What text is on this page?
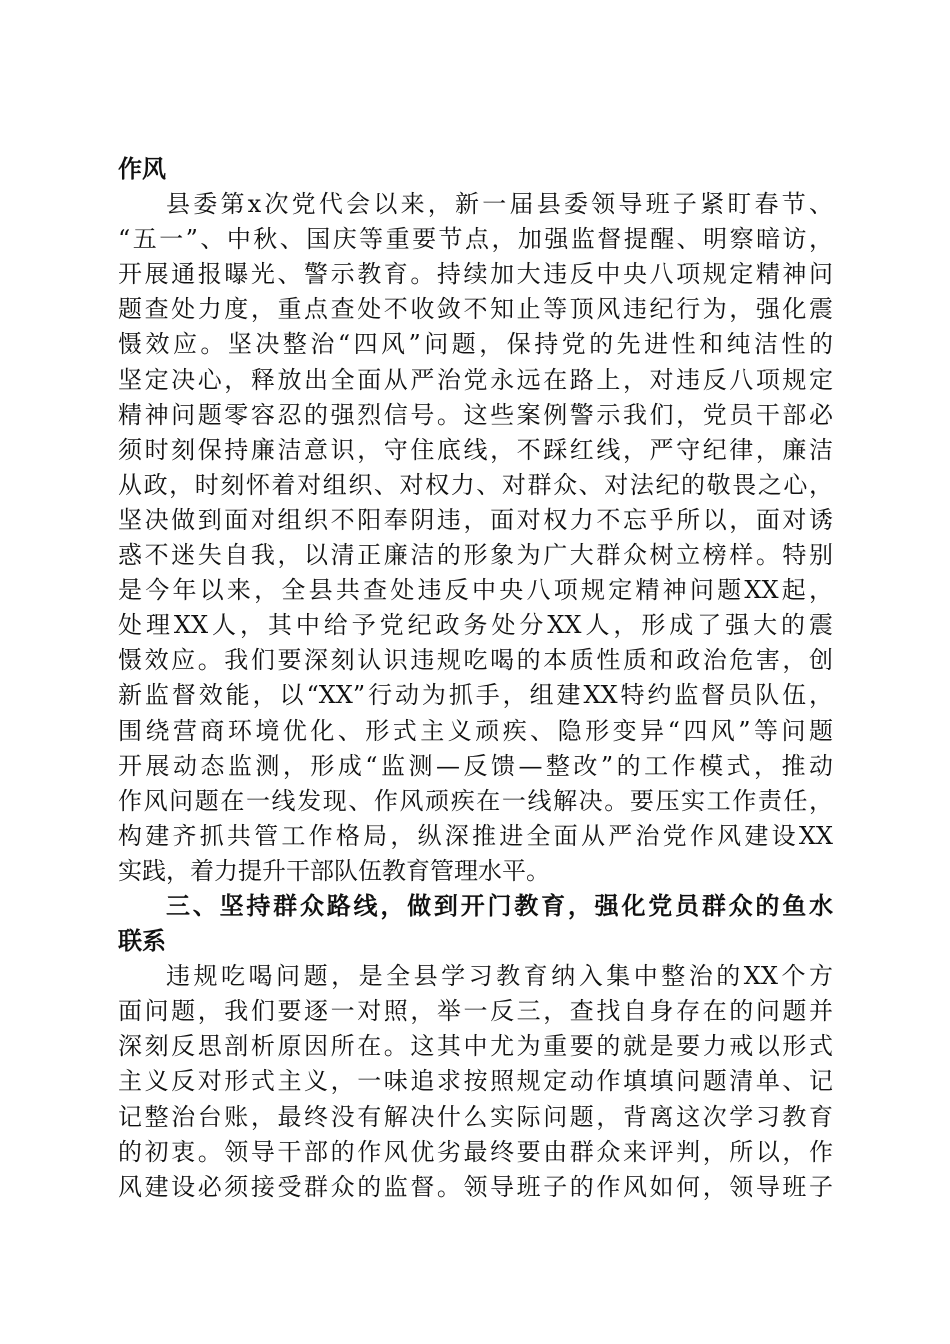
作风
县委第x次党代会以来，新一届县委领导班子紧盯春节、
“五一”、中秋、国庆等重要节点，加强监督提醒、明察暗访，
开展通报曝光、警示教育。持续加大违反中央八项规定精神问
题查处力度，重点查处不收敛不知止等顶风违纪行为，强化震
慑效应。坚决整治“四风”问题，保持党的先进性和纯洁性的
坚定决心，释放出全面从严治党永远在路上，对违反八项规定
精神问题零容忍的强烈信号。这些案例警示我们，党员干部必
须时刻保持廉洁意识，守住底线，不踩红线，严守纪律，廉洁
从政，时刻怀着对组织、对权力、对群众、对法纪的敬畏之心，
坚决做到面对组织不阳奉阴违，面对权力不忘乎所以，面对诱
惑不迷失自我，以清正廉洁的形象为广大群众树立榜样。特别
是今年以来，全县共查处违反中央八项规定精神问题XX起，
处理XX人，其中给予党纪政务处分XX人，形成了强大的震
慑效应。我们要深刻认识违规吃喝的本质性质和政治危害，创
新监督效能，以“XX”行动为抓手，组建XX特约监督员队伍，
围绕营商环境优化、形式主义顽疾、隐形变异“四风”等问题
开展动态监测，形成“监测—反馈—整改”的工作模式，推动
作风问题在一线发现、作风顽疾在一线解决。要压实工作责任，
构建齐抓共管工作格局，纵深推进全面从严治党作风建设XX
实践，着力提升干部队伍教育管理水平。
三、坚持群众路线，做到开门教育，强化党员群众的鱼水
联系
违规吃喝问题，是全县学习教育纳入集中整治的XX个方
面问题，我们要逐一对照，举一反三，查找自身存在的问题并
深刻反思剖析原因所在。这其中尤为重要的就是要力戒以形式
主义反对形式主义，一味追求按照规定动作填填问题清单、记
记整治台账，最终没有解决什么实际问题，背离这次学习教育
的初衷。领导干部的作风优劣最终要由群众来评判，所以，作
风建设必须接受群众的监督。领导班子的作风如何，领导班子
